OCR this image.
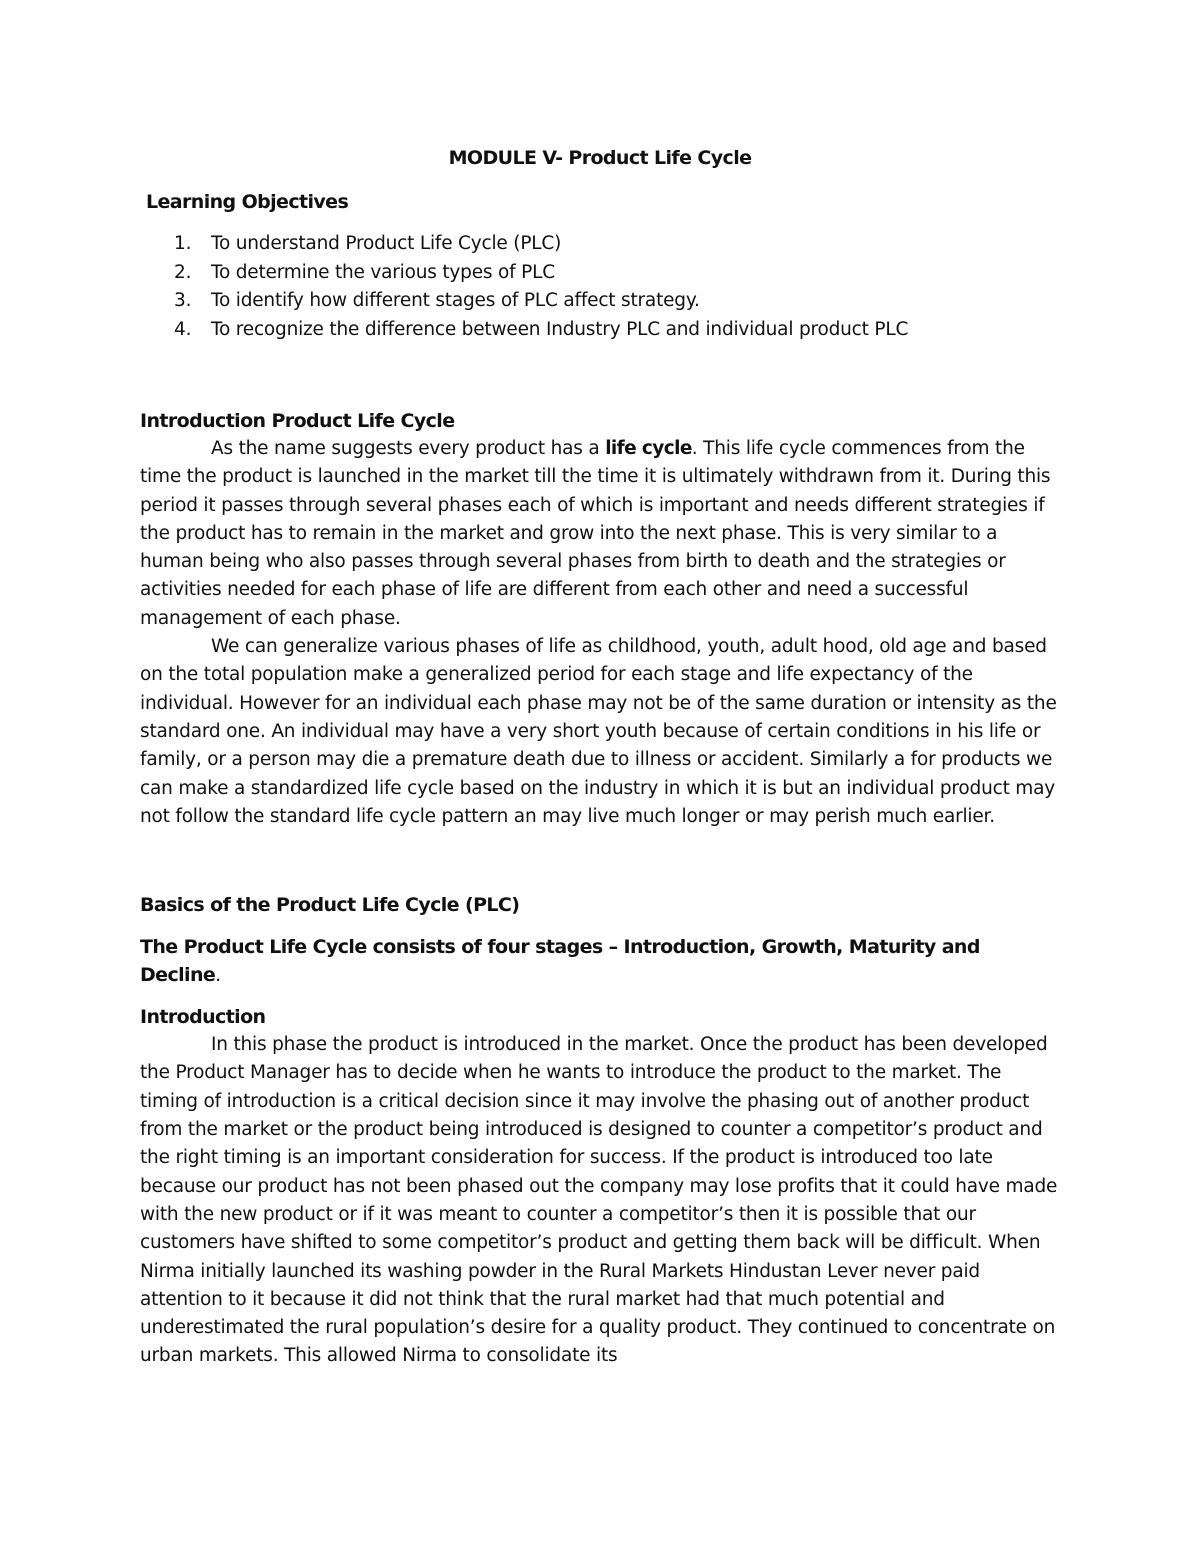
MODULE V- Product Life Cycle
Learning Objectives
1. To understand Product Life Cycle (PLC)
2. To determine the various types of PLC
3. To identify how different stages of PLC affect strategy.
4. To recognize the difference between Industry PLC and individual product PLC
Introduction Product Life Cycle

As the name suggests every product has a life cycle. This life cycle commences from the time the product is launched in the market till the time it is ultimately withdrawn from it. During this period it passes through several phases each of which is important and needs different strategies if the product has to remain in the market and grow into the next phase. This is very similar to a human being who also passes through several phases from birth to death and the strategies or activities needed for each phase of life are different from each other and need a successful management of each phase.

We can generalize various phases of life as childhood, youth, adult hood, old age and based on the total population make a generalized period for each stage and life expectancy of the individual. However for an individual each phase may not be of the same duration or intensity as the standard one. An individual may have a very short youth because of certain conditions in his life or family, or a person may die a premature death due to illness or accident. Similarly a for products we can make a standardized life cycle based on the industry in which it is but an individual product may not follow the standard life cycle pattern an may live much longer or may perish much earlier.

Basics of the Product Life Cycle (PLC)
The Product Life Cycle consists of four stages – Introduction, Growth, Maturity and Decline.
Introduction

In this phase the product is introduced in the market. Once the product has been developed the Product Manager has to decide when he wants to introduce the product to the market. The timing of introduction is a critical decision since it may involve the phasing out of another product from the market or the product being introduced is designed to counter a competitor’s product and the right timing is an important consideration for success. If the product is introduced too late because our product has not been phased out the company may lose profits that it could have made with the new product or if it was meant to counter a competitor’s then it is possible that our customers have shifted to some competitor’s product and getting them back will be difficult. When Nirma initially launched its washing powder in the Rural Markets Hindustan Lever never paid attention to it because it did not think that the rural market had that much potential and underestimated the rural population’s desire for a quality product. They continued to concentrate on urban markets. This allowed Nirma to consolidate its
